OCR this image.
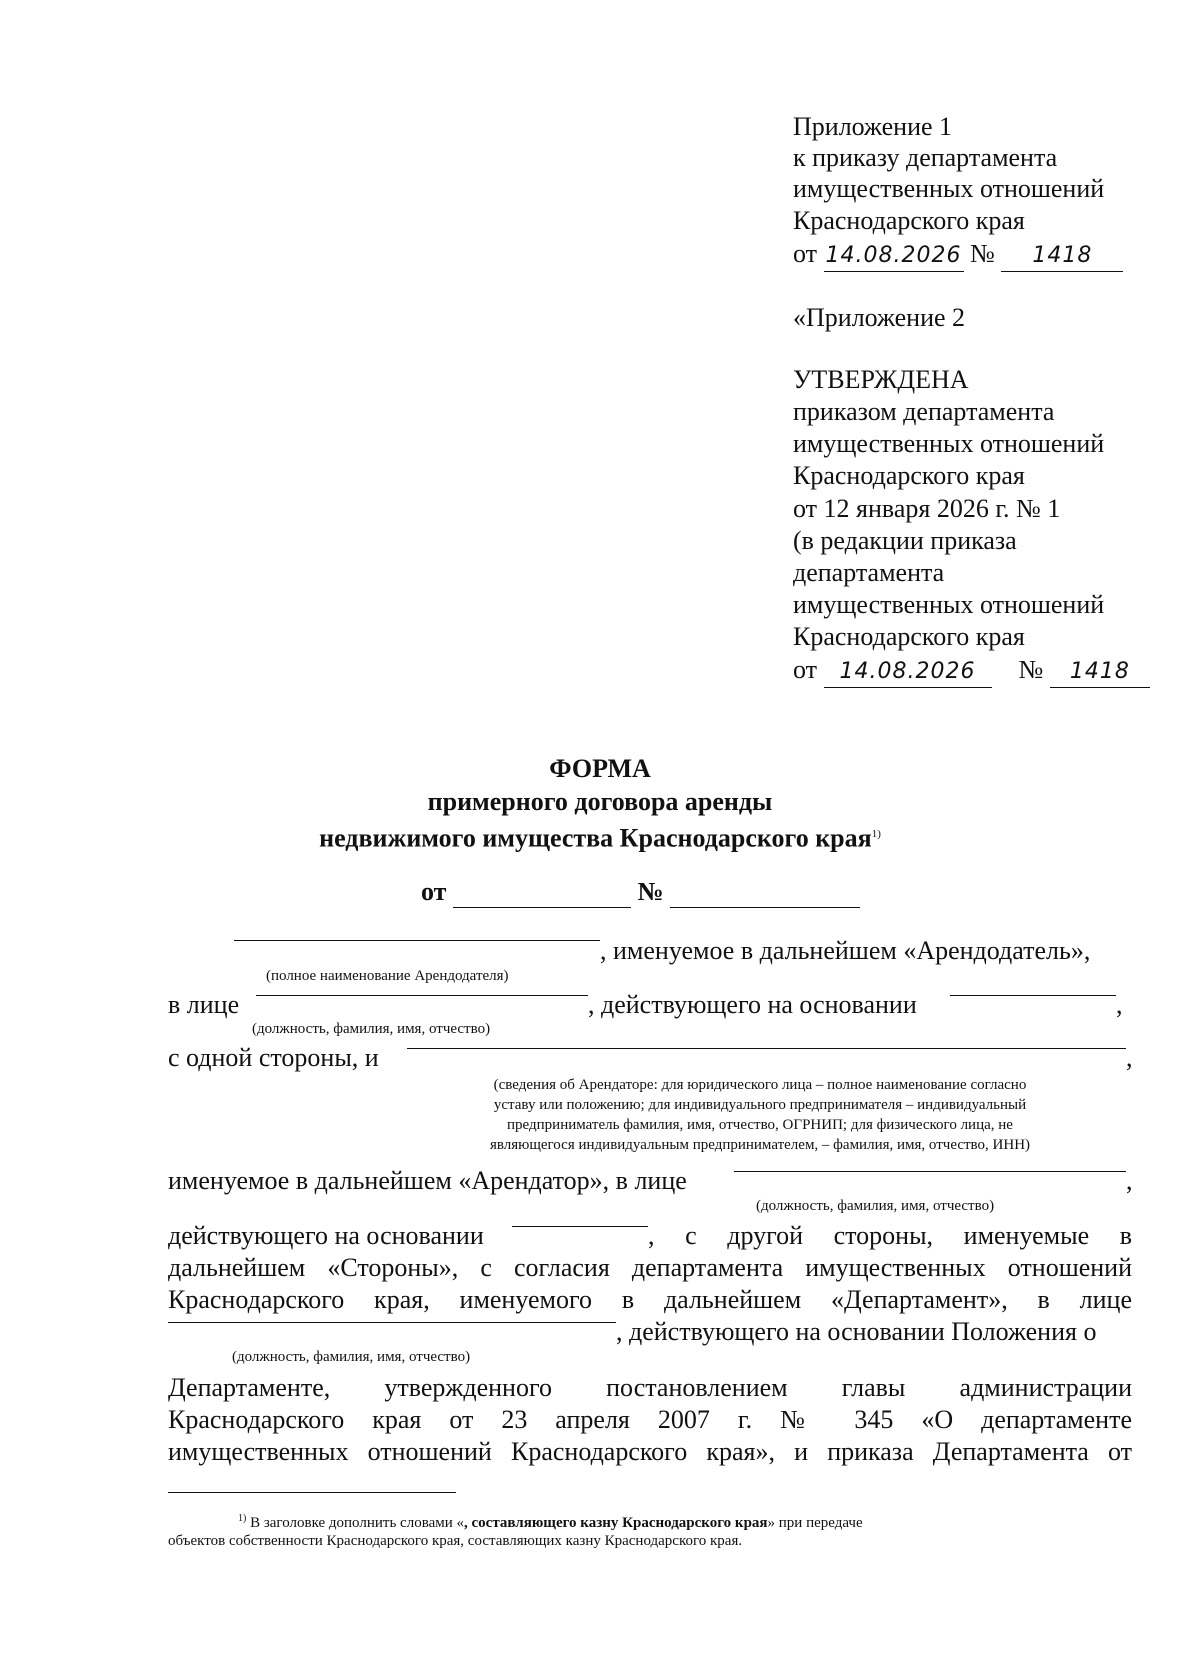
Приложение 1
к приказу департамента
имущественных отношений
Краснодарского края
от 14.08.2026 № 1418
«Приложение 2
УТВЕРЖДЕНА
приказом департамента
имущественных отношений
Краснодарского края
от 12 января 2026 г. № 1
(в редакции приказа
департамента
имущественных отношений
Краснодарского края
от 14.08.2026 № 1418
ФОРМА
примерного договора аренды
недвижимого имущества Краснодарского края$^{1)}$
от	№
, именуемое в дальнейшем «Арендодатель»,
(полное наименование Арендодателя)
в лице	, действующего на основании	,
(должность, фамилия, имя, отчество)
с одной стороны, и	,
(сведения об Арендаторе: для юридического лица – полное наименование согласно
уставу или положению; для индивидуального предпринимателя – индивидуальный
предприниматель фамилия, имя, отчество, ОГРНИП; для физического лица, не
являющегося индивидуальным предпринимателем, – фамилия, имя, отчество, ИНН)
именуемое в дальнейшем «Арендатор», в лице	,
(должность, фамилия, имя, отчество)
действующего на основании	, с другой стороны, именуемые в
дальнейшем «Стороны», с согласия департамента имущественных отношений
Краснодарского края, именуемого в дальнейшем «Департамент», в лице
, действующего на основании Положения о
(должность, фамилия, имя, отчество)
Департаменте, утвержденного постановлением главы администрации
Краснодарского края от 23 апреля 2007 г. № 345 «О департаменте
имущественных отношений Краснодарского края», и приказа Департамента от
$^{1)}$ В заголовке дополнить словами «, составляющего казну Краснодарского края» при передаче
объектов собственности Краснодарского края, составляющих казну Краснодарского края.
